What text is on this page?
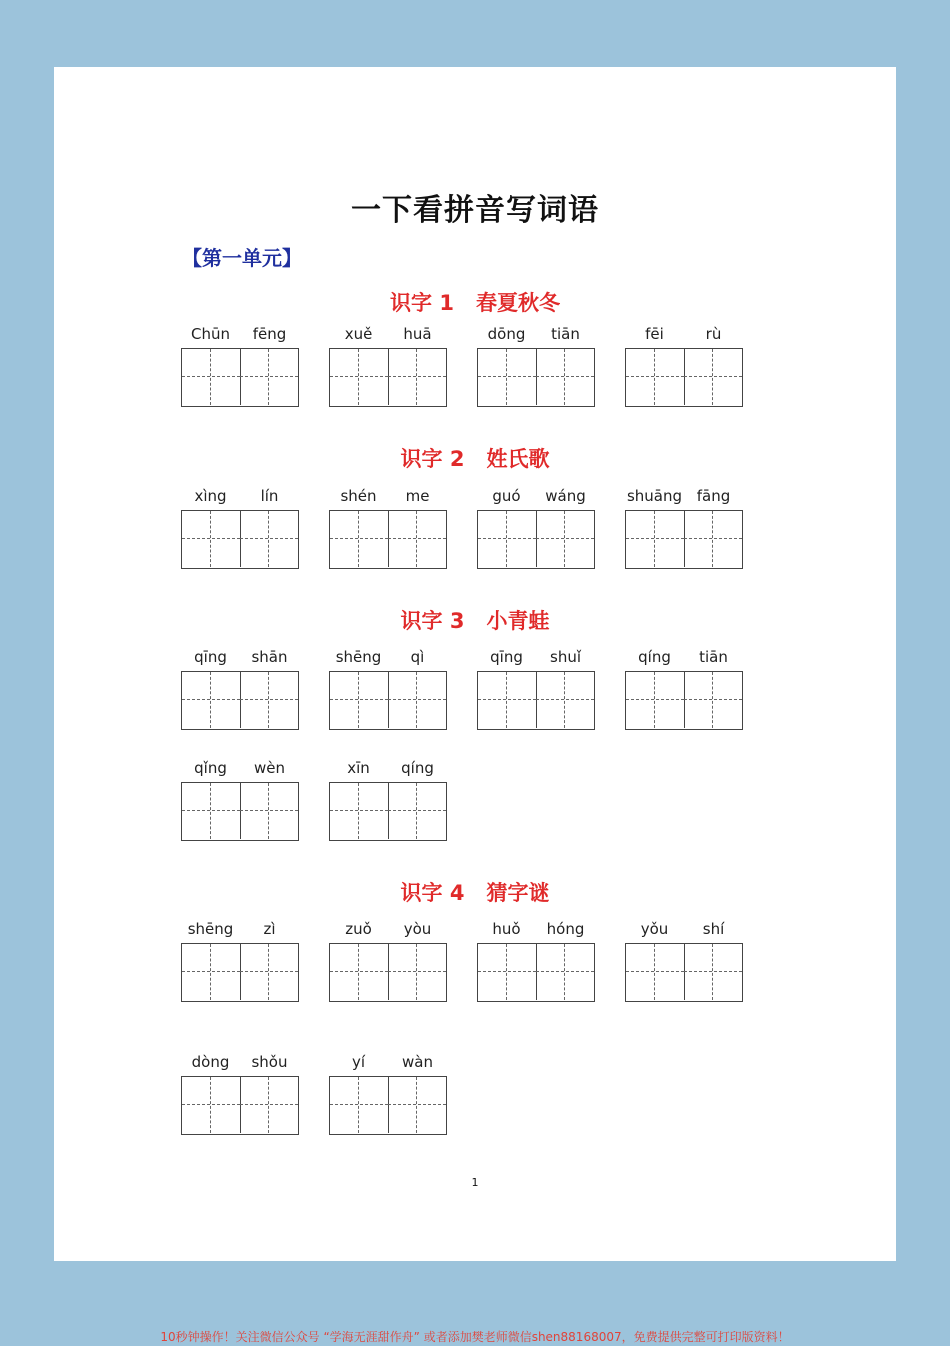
一下看拼音写词语
【第一单元】
识字 1 春夏秋冬
识字 2 姓氏歌
识字 3 小青蛙
识字 4 猜字谜
Chūn	fēng	xuě	huā	dōng	tiān	fēi	rù
xìng	lín	shén	me	guó	wáng	shuāng fāng
qīng	shān	shēng	qì	qīng	shuǐ	qíng	tiān
qǐng	wèn	xīn	qíng
shēng	zì	zuǒ	yòu	huǒ	hóng	yǒu	shí
dòng	shǒu	yí	wàn
1
10秒钟操作！关注微信公众号 “学海无涯甜作舟” 或者添加樊老师微信shen88168007，免费提供完整可打印版资料！
